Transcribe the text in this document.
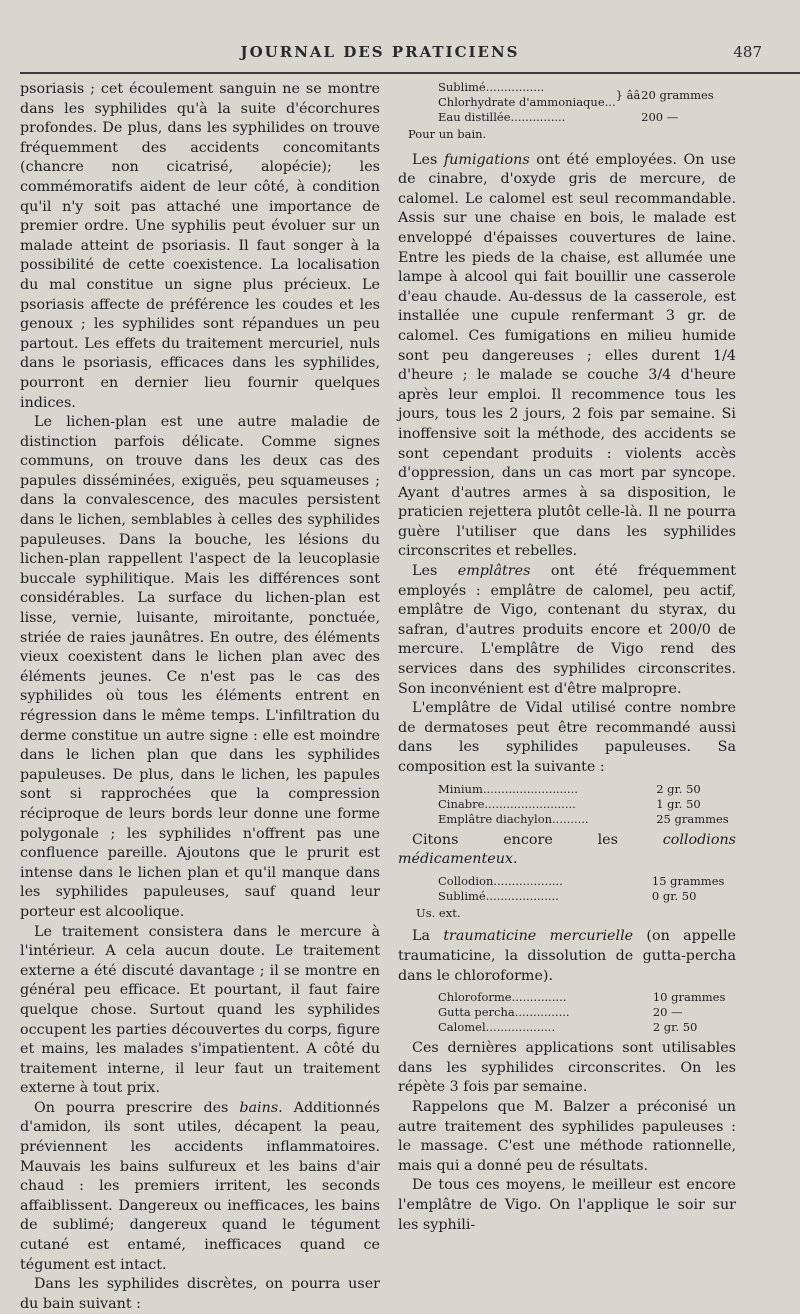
JOURNAL DES PRATICIENS	487

psoriasis ; cet écoulement sanguin ne se montre dans les syphilides qu'à la suite d'écorchures profondes. De plus, dans les syphilides on trouve fréquemment des accidents concomitants (chancre non cicatrisé, alopécie); les commémoratifs aident de leur côté, à condition qu'il n'y soit pas attaché une importance de premier ordre. Une syphilis peut évoluer sur un malade atteint de psoriasis. Il faut songer à la possibilité de cette coexistence. La localisation du mal constitue un signe plus précieux. Le psoriasis affecte de préférence les coudes et les genoux ; les syphilides sont répandues un peu partout. Les effets du traitement mercuriel, nuls dans le psoriasis, efficaces dans les syphilides, pourront en dernier lieu fournir quelques indices.

Le lichen-plan est une autre maladie de distinction parfois délicate. Comme signes communs, on trouve dans les deux cas des papules disséminées, exiguës, peu squameuses ; dans la convalescence, des macules persistent dans le lichen, semblables à celles des syphilides papuleuses. Dans la bouche, les lésions du lichen-plan rappellent l'aspect de la leucoplasie buccale syphilitique. Mais les différences sont considérables. La surface du lichen-plan est lisse, vernie, luisante, miroitante, ponctuée, striée de raies jaunâtres. En outre, des éléments vieux coexistent dans le lichen plan avec des éléments jeunes. Ce n'est pas le cas des syphilides où tous les éléments entrent en régression dans le même temps. L'infiltration du derme constitue un autre signe : elle est moindre dans le lichen plan que dans les syphilides papuleuses. De plus, dans le lichen, les papules sont si rapprochées que la compression réciproque de leurs bords leur donne une forme polygonale ; les syphilides n'offrent pas une confluence pareille. Ajoutons que le prurit est intense dans le lichen plan et qu'il manque dans les syphilides papuleuses, sauf quand leur porteur est alcoolique.

Le traitement consistera dans le mercure à l'intérieur. A cela aucun doute. Le traitement externe a été discuté davantage ; il se montre en général peu efficace. Et pourtant, il faut faire quelque chose. Surtout quand les syphilides occupent les parties découvertes du corps, figure et mains, les malades s'impatientent. A côté du traitement interne, il leur faut un traitement externe à tout prix.

On pourra prescrire des bains. Additionnés d'amidon, ils sont utiles, décapent la peau, préviennent les accidents inflammatoires. Mauvais les bains sulfureux et les bains d'air chaud : les premiers irritent, les seconds affaiblissent. Dangereux ou inefficaces, les bains de sublimé; dangereux quand le tégument cutané est entamé, inefficaces quand ce tégument est intact.

Dans les syphilides discrètes, on pourra user du bain suivant :

Sublimé................	} ââ	20 grammes
Chlorhydrate d'ammoniaque...		
Eau distillée...............		200 —
Pour un bain.

Les fumigations ont été employées. On use de cinabre, d'oxyde gris de mercure, de calomel. Le calomel est seul recommandable. Assis sur une chaise en bois, le malade est enveloppé d'épaisses couvertures de laine. Entre les pieds de la chaise, est allumée une lampe à alcool qui fait bouillir une casserole d'eau chaude. Au-dessus de la casserole, est installée une cupule renfermant 3 gr. de calomel. Ces fumigations en milieu humide sont peu dangereuses ; elles durent 1/4 d'heure ; le malade se couche 3/4 d'heure après leur emploi. Il recommence tous les jours, tous les 2 jours, 2 fois par semaine. Si inoffensive soit la méthode, des accidents se sont cependant produits : violents accès d'oppression, dans un cas mort par syncope. Ayant d'autres armes à sa disposition, le praticien rejettera plutôt celle-là. Il ne pourra guère l'utiliser que dans les syphilides circonscrites et rebelles.

Les emplâtres ont été fréquemment employés : emplâtre de calomel, peu actif, emplâtre de Vigo, contenant du styrax, du safran, d'autres produits encore et 200/0 de mercure. L'emplâtre de Vigo rend des services dans des syphilides circonscrites. Son inconvénient est d'être malpropre.

L'emplâtre de Vidal utilisé contre nombre de dermatoses peut être recommandé aussi dans les syphilides papuleuses. Sa composition est la suivante :

Minium..........................	2 gr. 50
Cinabre.........................	1 gr. 50
Emplâtre diachylon..........	25 grammes

Citons encore les collodions médicamenteux.

Collodion...................	15 grammes
Sublimé....................	0 gr. 50
Us. ext.

La traumaticine mercurielle (on appelle traumaticine, la dissolution de gutta-percha dans le chloroforme).

Chloroforme...............	10 grammes
Gutta percha...............	20 —
Calomel...................	2 gr. 50

Ces dernières applications sont utilisables dans les syphilides circonscrites. On les répète 3 fois par semaine.

Rappelons que M. Balzer a préconisé un autre traitement des syphilides papuleuses : le massage. C'est une méthode rationnelle, mais qui a donné peu de résultats.

De tous ces moyens, le meilleur est encore l'emplâtre de Vigo. On l'applique le soir sur les syphili-
